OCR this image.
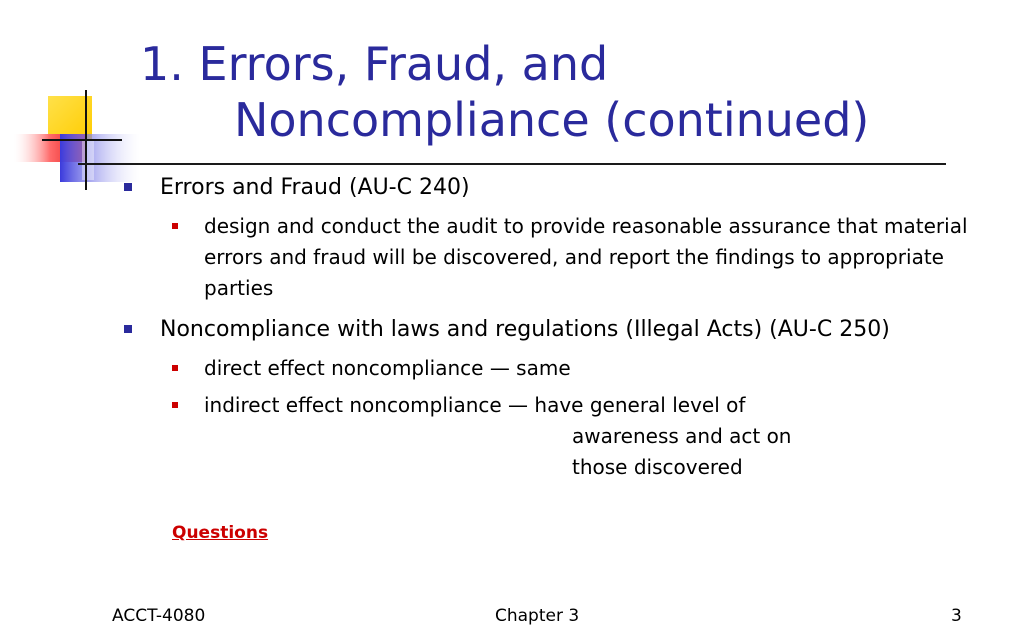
1. Errors, Fraud, and
Noncompliance (continued)
Errors and Fraud (AU-C 240)
design and conduct the audit to provide reasonable assurance that material errors and fraud will be discovered, and report the findings to appropriate parties
Noncompliance with laws and regulations (Illegal Acts) (AU-C 250)
direct effect noncompliance — same
indirect effect noncompliance — have general level of
awareness and act on
those discovered
Questions
ACCT-4080	Chapter 3	3
